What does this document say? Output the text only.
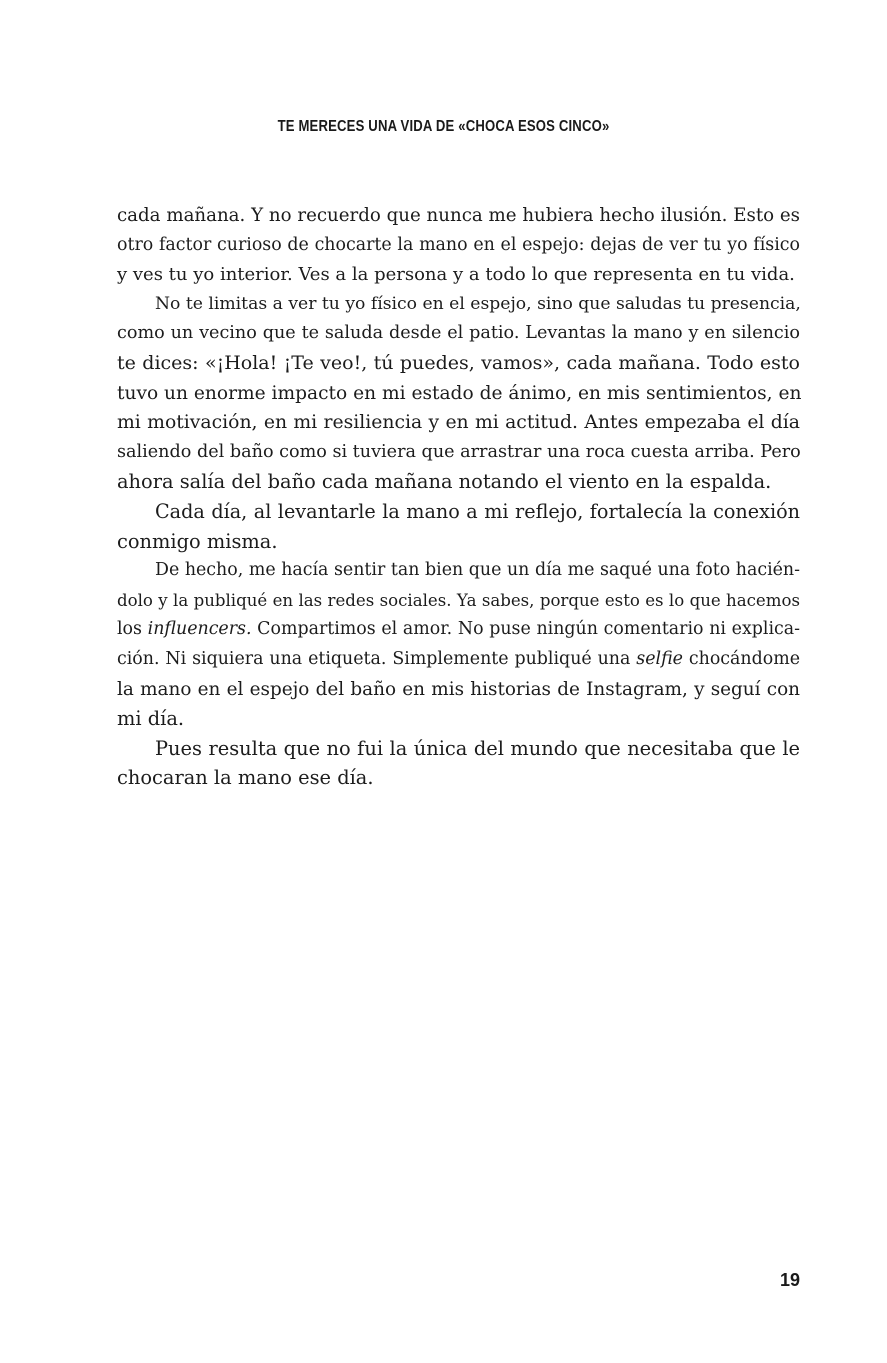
TE MERECES UNA VIDA DE «CHOCA ESOS CINCO»
cada mañana. Y no recuerdo que nunca me hubiera hecho ilusión. Esto es
otro factor curioso de chocarte la mano en el espejo: dejas de ver tu yo físico
y ves tu yo interior. Ves a la persona y a todo lo que representa en tu vida.
No te limitas a ver tu yo físico en el espejo, sino que saludas tu presencia,
como un vecino que te saluda desde el patio. Levantas la mano y en silencio
te dices: «¡Hola! ¡Te veo!, tú puedes, vamos», cada mañana. Todo esto
tuvo un enorme impacto en mi estado de ánimo, en mis sentimientos, en
mi motivación, en mi resiliencia y en mi actitud. Antes empezaba el día
saliendo del baño como si tuviera que arrastrar una roca cuesta arriba. Pero
ahora salía del baño cada mañana notando el viento en la espalda.
Cada día, al levantarle la mano a mi reflejo, fortalecía la conexión
conmigo misma.
De hecho, me hacía sentir tan bien que un día me saqué una foto hacién-
dolo y la publiqué en las redes sociales. Ya sabes, porque esto es lo que hacemos
los influencers. Compartimos el amor. No puse ningún comentario ni explica-
ción. Ni siquiera una etiqueta. Simplemente publiqué una selfie chocándome
la mano en el espejo del baño en mis historias de Instagram, y seguí con
mi día.
Pues resulta que no fui la única del mundo que necesitaba que le
chocaran la mano ese día.
19
